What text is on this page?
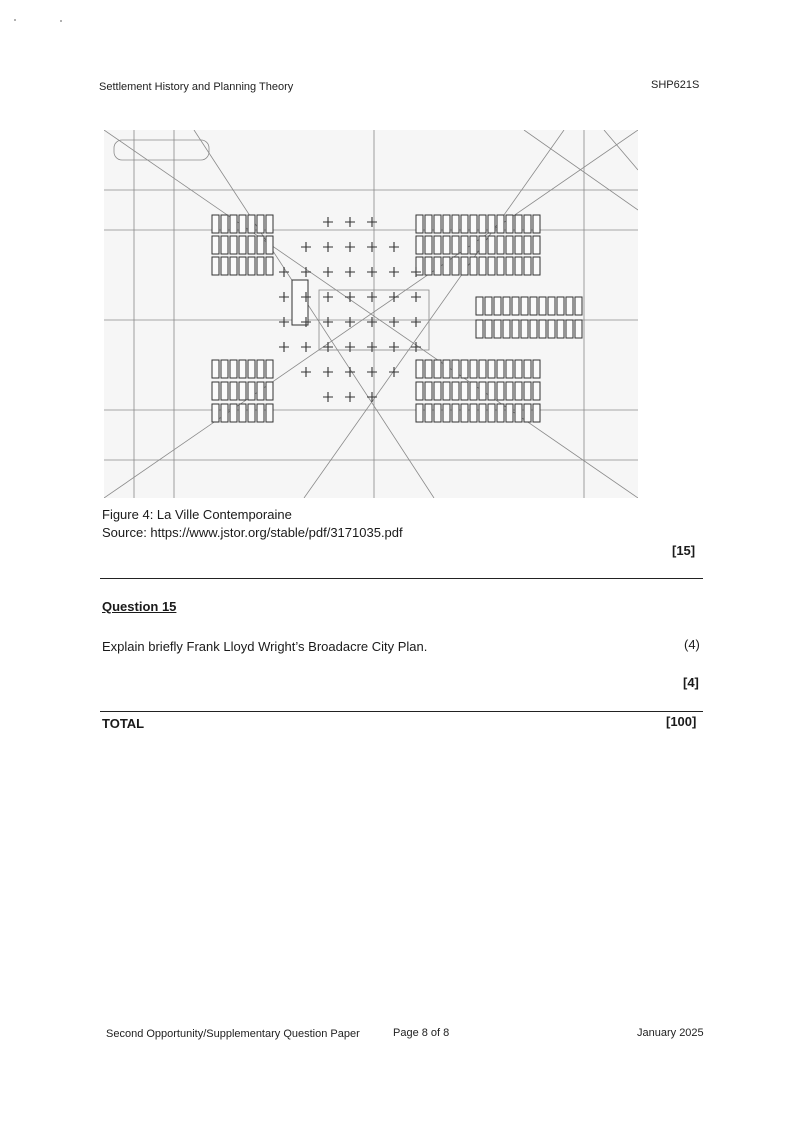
Settlement History and Planning Theory	SHP621S
Figure 4: La Ville Contemporaine
Source: https://www.jstor.org/stable/pdf/3171035.pdf
[15]
Question 15
Explain briefly Frank Lloyd Wright’s Broadacre City Plan.	(4)
[4]
TOTAL	[100]
Second Opportunity/Supplementary Question Paper	Page 8 of 8	January 2025
